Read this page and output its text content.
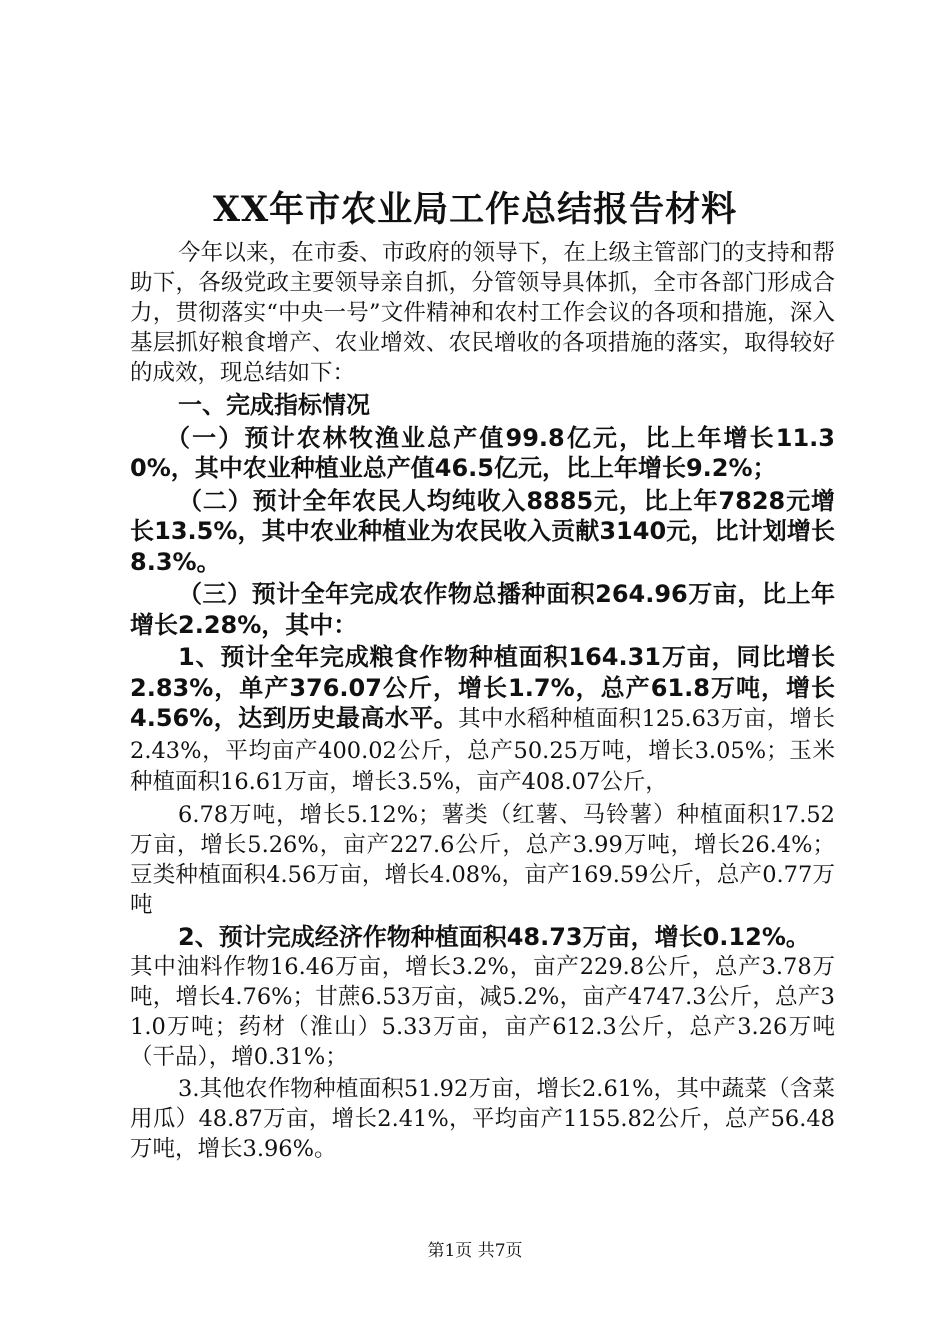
XX年市农业局工作总结报告材料

今年以来，在市委、市政府的领导下，在上级主管部门的支持和帮助下，各级党政主要领导亲自抓，分管领导具体抓，全市各部门形成合力，贯彻落实“中央一号”文件精神和农村工作会议的各项和措施，深入基层抓好粮食增产、农业增效、农民增收的各项措施的落实，取得较好的成效，现总结如下：

一、完成指标情况

（一）预计农林牧渔业总产值99.8亿元，比上年增长11.30%，其中农业种植业总产值46.5亿元，比上年增长9.2%；

（二）预计全年农民人均纯收入8885元，比上年7828元增长13.5%，其中农业种植业为农民收入贡献3140元，比计划增长8.3%。

（三）预计全年完成农作物总播种面积264.96万亩，比上年增长2.28%，其中：

1、预计全年完成粮食作物种植面积164.31万亩，同比增长2.83%，单产376.07公斤，增长1.7%，总产61.8万吨，增长4.56%，达到历史最高水平。其中水稻种植面积125.63万亩，增长2.43%，平均亩产400.02公斤，总产50.25万吨，增长3.05%；玉米种植面积16.61万亩，增长3.5%，亩产408.07公斤，

6.78万吨，增长5.12%；薯类（红薯、马铃薯）种植面积17.52万亩，增长5.26%，亩产227.6公斤，总产3.99万吨，增长26.4%；豆类种植面积4.56万亩，增长4.08%，亩产169.59公斤，总产0.77万吨

2、预计完成经济作物种植面积48.73万亩，增长0.12%。

其中油料作物16.46万亩，增长3.2%，亩产229.8公斤，总产3.78万吨，增长4.76%；甘蔗6.53万亩，减5.2%，亩产4747.3公斤，总产31.0万吨；药材（淮山）5.33万亩，亩产612.3公斤，总产3.26万吨（干品），增0.31%；

3.其他农作物种植面积51.92万亩，增长2.61%，其中蔬菜（含菜用瓜）48.87万亩，增长2.41%，平均亩产1155.82公斤，总产56.48万吨，增长3.96%。

第1页 共7页
